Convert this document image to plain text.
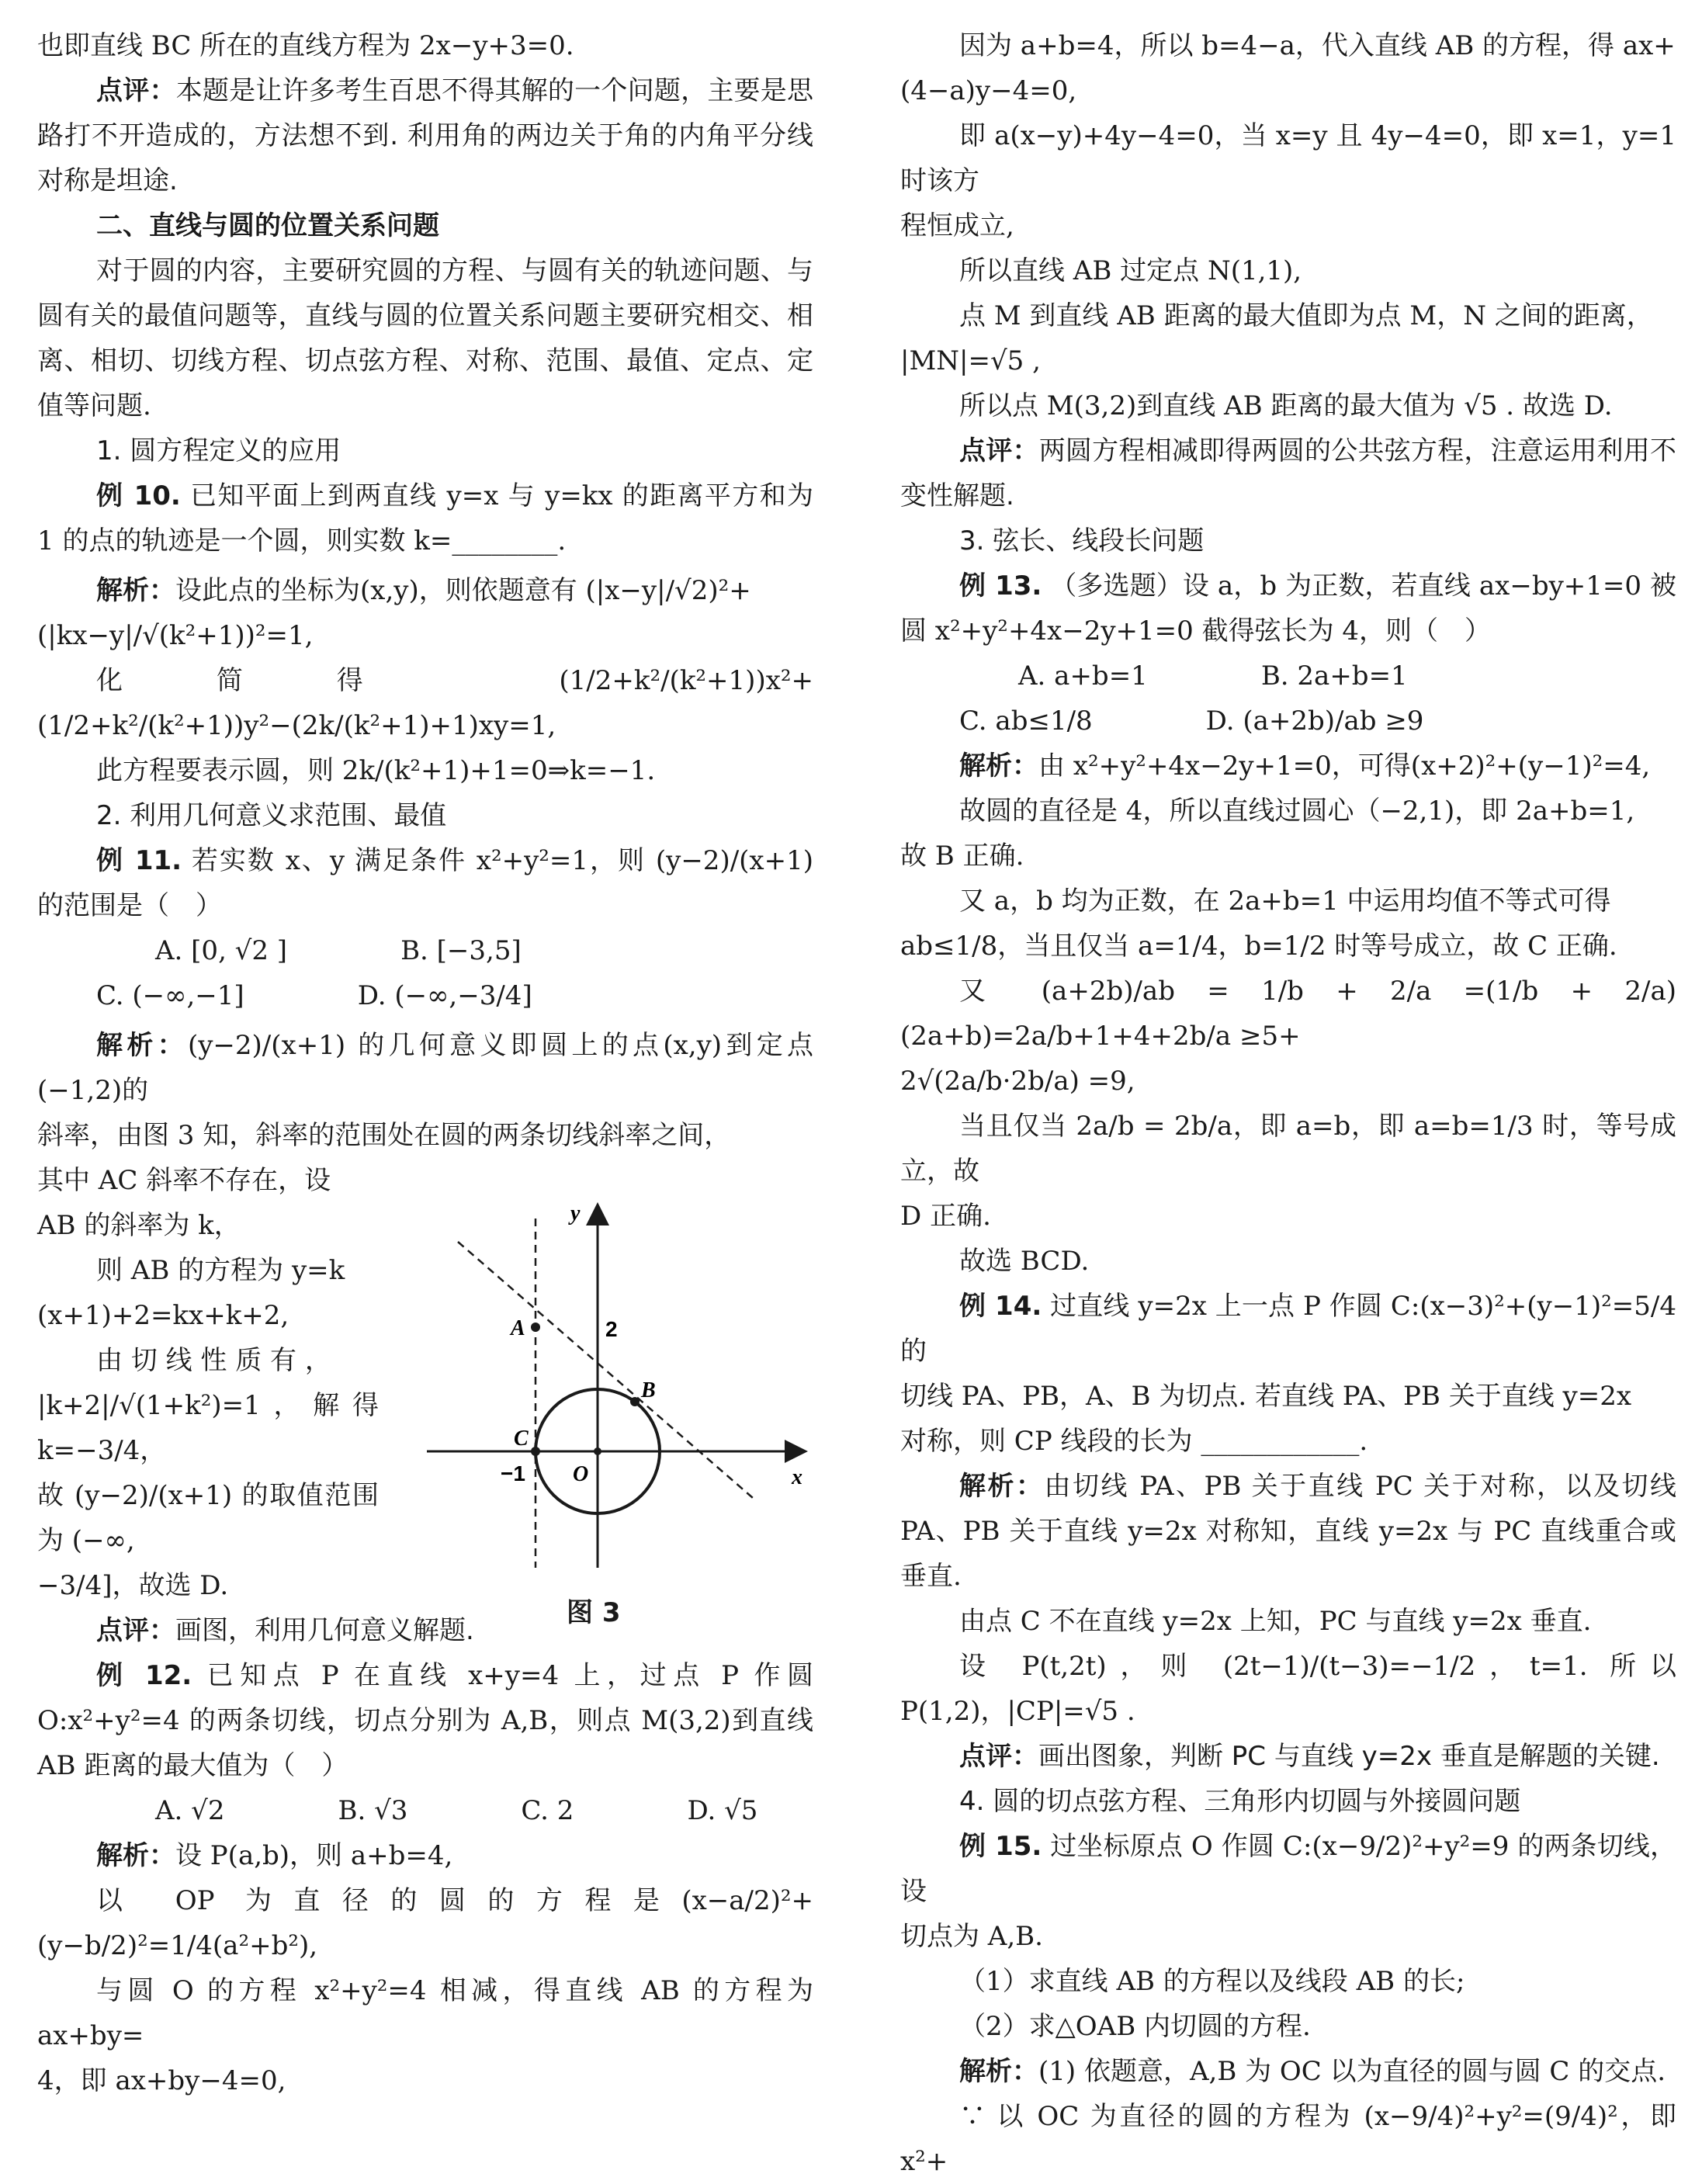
也即直线 BC 所在的直线方程为 2x−y+3=0.

点评：本题是让许多考生百思不得其解的一个问题，主要是思路打不开造成的，方法想不到. 利用角的两边关于角的内角平分线对称是坦途.

二、直线与圆的位置关系问题

对于圆的内容，主要研究圆的方程、与圆有关的轨迹问题、与圆有关的最值问题等，直线与圆的位置关系问题主要研究相交、相离、相切、切线方程、切点弦方程、对称、范围、最值、定点、定值等问题.

1. 圆方程定义的应用

例 10. 已知平面上到两直线 y=x 与 y=kx 的距离平方和为 1 的点的轨迹是一个圆，则实数 k=________.

解析：设此点的坐标为(x,y)，则依题意有 (|x−y|/√2)²+

(|kx−y|/√(k²+1))²=1,

化简得 (1/2+k²/(k²+1))x²+(1/2+k²/(k²+1))y²−(2k/(k²+1)+1)xy=1,

此方程要表示圆，则 2k/(k²+1)+1=0⇒k=−1.

2. 利用几何意义求范围、最值

例 11. 若实数 x、y 满足条件 x²+y²=1，则 (y−2)/(x+1) 的范围是（　）

A. [0, √2 ]	B. [−3,5]C. (−∞,−1]	D. (−∞,−3/4]

解析：(y−2)/(x+1) 的几何意义即圆上的点(x,y)到定点(−1,2)的

斜率，由图 3 知，斜率的范围处在圆的两条切线斜率之间，

其中 AC 斜率不存在，设

AB 的斜率为 k，

则 AB 的方程为 y=k

(x+1)+2=kx+k+2,

由 切 线 性 质 有 ，

|k+2|/√(1+k²)=1，解得 k=−3/4，

故 (y−2)/(x+1) 的取值范围为 (−∞,

−3/4]，故选 D.

点评：画图，利用几何意义解题.

例 12. 已知点 P 在直线 x+y=4 上，过点 P 作圆 O:x²+y²=4 的两条切线，切点分别为 A,B，则点 M(3,2)到直线 AB 距离的最大值为（　）

A. √2	B. √3	C. 2	D. √5

解析：设 P(a,b)，则 a+b=4,

以 OP 为直径的圆的方程是(x−a/2)²+(y−b/2)²=1/4(a²+b²),

与圆 O 的方程 x²+y²=4 相减，得直线 AB 的方程为 ax+by=

4，即 ax+by−4=0,

y
x
2
−1 O
A
B
C
图 3

因为 a+b=4，所以 b=4−a，代入直线 AB 的方程，得 ax+

(4−a)y−4=0,

即 a(x−y)+4y−4=0，当 x=y 且 4y−4=0，即 x=1，y=1 时该方

程恒成立,

所以直线 AB 过定点 N(1,1),

点 M 到直线 AB 距离的最大值即为点 M，N 之间的距离，

|MN|=√5 ,

所以点 M(3,2)到直线 AB 距离的最大值为 √5 . 故选 D.

点评：两圆方程相减即得两圆的公共弦方程，注意运用利用不变性解题.

3. 弦长、线段长问题

例 13. （多选题）设 a，b 为正数，若直线 ax−by+1=0 被圆 x²+y²+4x−2y+1=0 截得弦长为 4，则（　）

A. a+b=1	B. 2a+b=1C. ab≤1/8	D. (a+2b)/ab ≥9

解析：由 x²+y²+4x−2y+1=0，可得(x+2)²+(y−1)²=4,

故圆的直径是 4，所以直线过圆心（−2,1)，即 2a+b=1,

故 B 正确.

又 a，b 均为正数，在 2a+b=1 中运用均值不等式可得

ab≤1/8，当且仅当 a=1/4，b=1/2 时等号成立，故 C 正确.

又 (a+2b)/ab = 1/b + 2/a =(1/b + 2/a)(2a+b)=2a/b+1+4+2b/a ≥5+

2√(2a/b·2b/a) =9,

当且仅当 2a/b = 2b/a，即 a=b，即 a=b=1/3 时，等号成立，故

D 正确.

故选 BCD.

例 14. 过直线 y=2x 上一点 P 作圆 C:(x−3)²+(y−1)²=5/4 的

切线 PA、PB，A、B 为切点. 若直线 PA、PB 关于直线 y=2x

对称，则 CP 线段的长为 ____________.

解析：由切线 PA、PB 关于直线 PC 关于对称，以及切线 PA、PB 关于直线 y=2x 对称知，直线 y=2x 与 PC 直线重合或垂直.

由点 C 不在直线 y=2x 上知，PC 与直线 y=2x 垂直.

设 P(t,2t)，则 (2t−1)/(t−3)=−1/2，t=1. 所以 P(1,2)，|CP|=√5 .

点评：画出图象，判断 PC 与直线 y=2x 垂直是解题的关键.

4. 圆的切点弦方程、三角形内切圆与外接圆问题

例 15. 过坐标原点 O 作圆 C:(x−9/2)²+y²=9 的两条切线，设

切点为 A,B.

（1）求直线 AB 的方程以及线段 AB 的长;

（2）求△OAB 内切圆的方程.

解析：(1) 依题意，A,B 为 OC 以为直径的圆与圆 C 的交点.

∵ 以 OC 为直径的圆的方程为 (x−9/4)²+y²=(9/4)²，即 x²+
